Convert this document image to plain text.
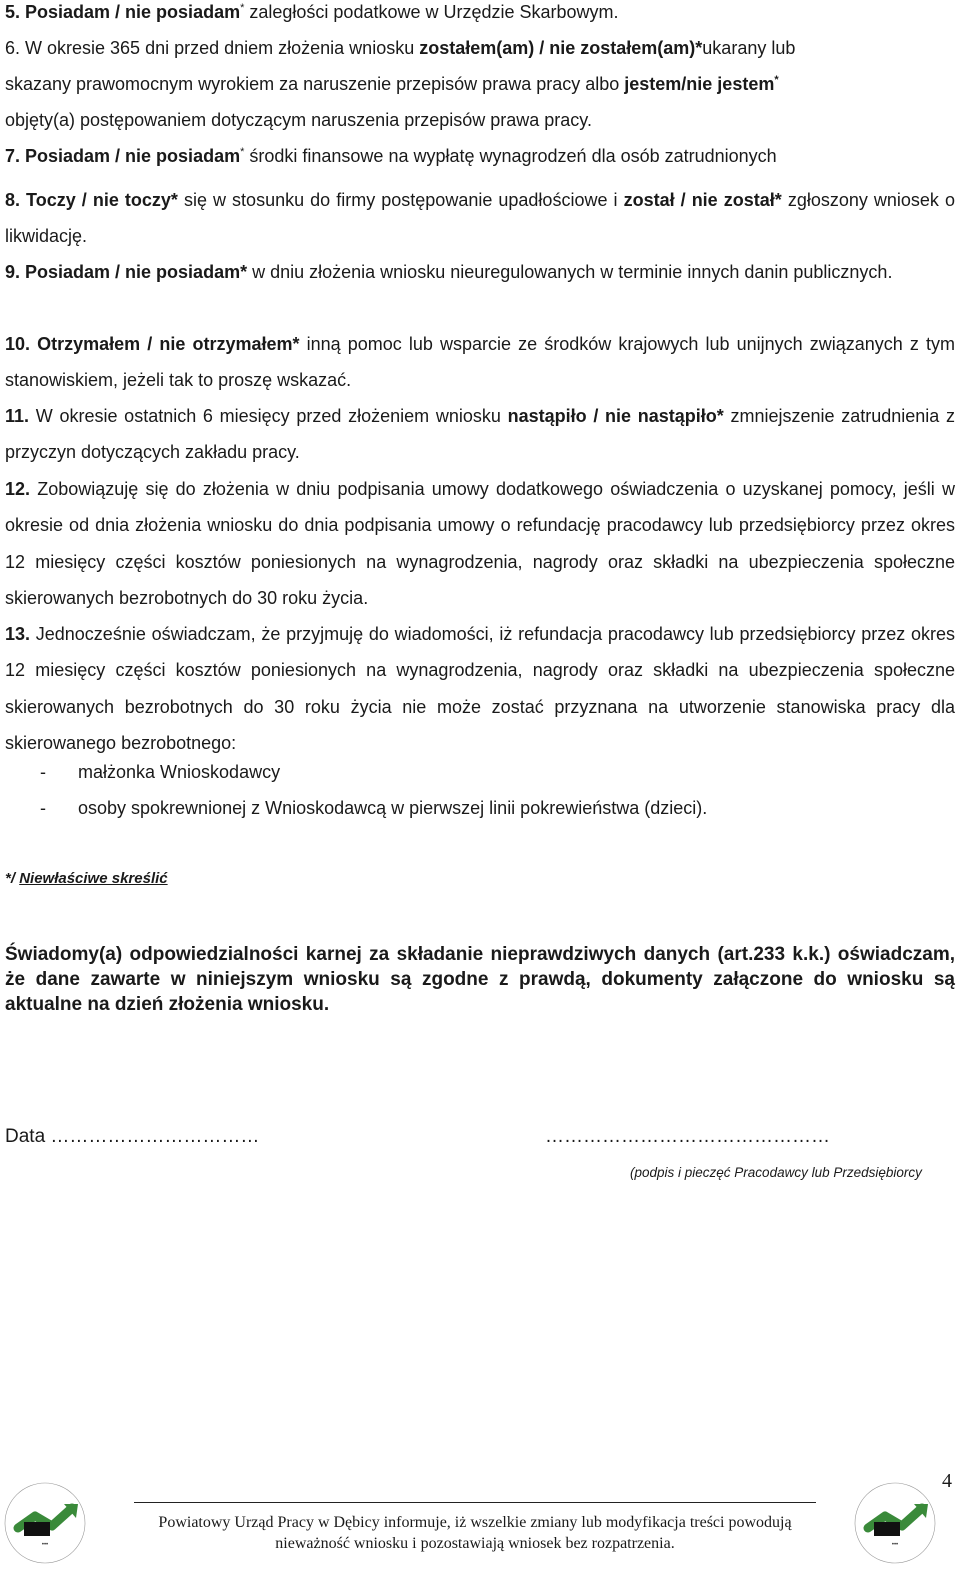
5. Posiadam / nie posiadam* zaległości podatkowe w Urzędzie Skarbowym.
6. W okresie 365 dni przed dniem złożenia wniosku zostałem(am) / nie zostałem(am)*ukarany lub
skazany prawomocnym wyrokiem za naruszenie przepisów prawa pracy albo jestem/nie jestem*
objęty(a) postępowaniem dotyczącym naruszenia przepisów prawa pracy.
7. Posiadam / nie posiadam* środki finansowe na wypłatę wynagrodzeń dla osób zatrudnionych

8. Toczy / nie toczy* się w stosunku do firmy postępowanie upadłościowe i został / nie został* zgłoszony wniosek o likwidację.

9. Posiadam / nie posiadam* w dniu złożenia wniosku nieuregulowanych w terminie innych danin publicznych.

10. Otrzymałem / nie otrzymałem* inną pomoc lub wsparcie ze środków krajowych lub unijnych związanych z tym stanowiskiem, jeżeli tak to proszę wskazać.

11. W okresie ostatnich 6 miesięcy przed złożeniem wniosku nastąpiło / nie nastąpiło* zmniejszenie zatrudnienia z przyczyn dotyczących zakładu pracy.

12. Zobowiązuję się do złożenia w dniu podpisania umowy dodatkowego oświadczenia o uzyskanej pomocy, jeśli w okresie od dnia złożenia wniosku do dnia podpisania umowy o refundację pracodawcy lub przedsiębiorcy przez okres 12 miesięcy części kosztów poniesionych na wynagrodzenia, nagrody oraz składki na ubezpieczenia społeczne skierowanych bezrobotnych do 30 roku życia.

13. Jednocześnie oświadczam, że przyjmuję do wiadomości, iż refundacja pracodawcy lub przedsiębiorcy przez okres 12 miesięcy części kosztów poniesionych na wynagrodzenia, nagrody oraz składki na ubezpieczenia społeczne skierowanych bezrobotnych do 30 roku życia nie może zostać przyznana na utworzenie stanowiska pracy dla skierowanego bezrobotnego:

- małżonka Wnioskodawcy
- osoby spokrewnionej z Wnioskodawcą w pierwszej linii pokrewieństwa (dzieci).
*/ Niewłaściwe skreślić

Świadomy(a) odpowiedzialności karnej za składanie nieprawdziwych danych (art.233 k.k.) oświadczam, że dane zawarte w niniejszym wniosku są zgodne z prawdą, dokumenty załączone do wniosku są aktualne na dzień złożenia wniosku.

Data ……………………………	………………………………………
(podpis i pieczęć Pracodawcy lub Przedsiębiorcy
4
Powiatowy Urząd Pracy w Dębicy informuje, iż wszelkie zmiany lub modyfikacja treści powodują
nieważność wniosku i pozostawiają wniosek bez rozpatrzenia.
•••	•••
